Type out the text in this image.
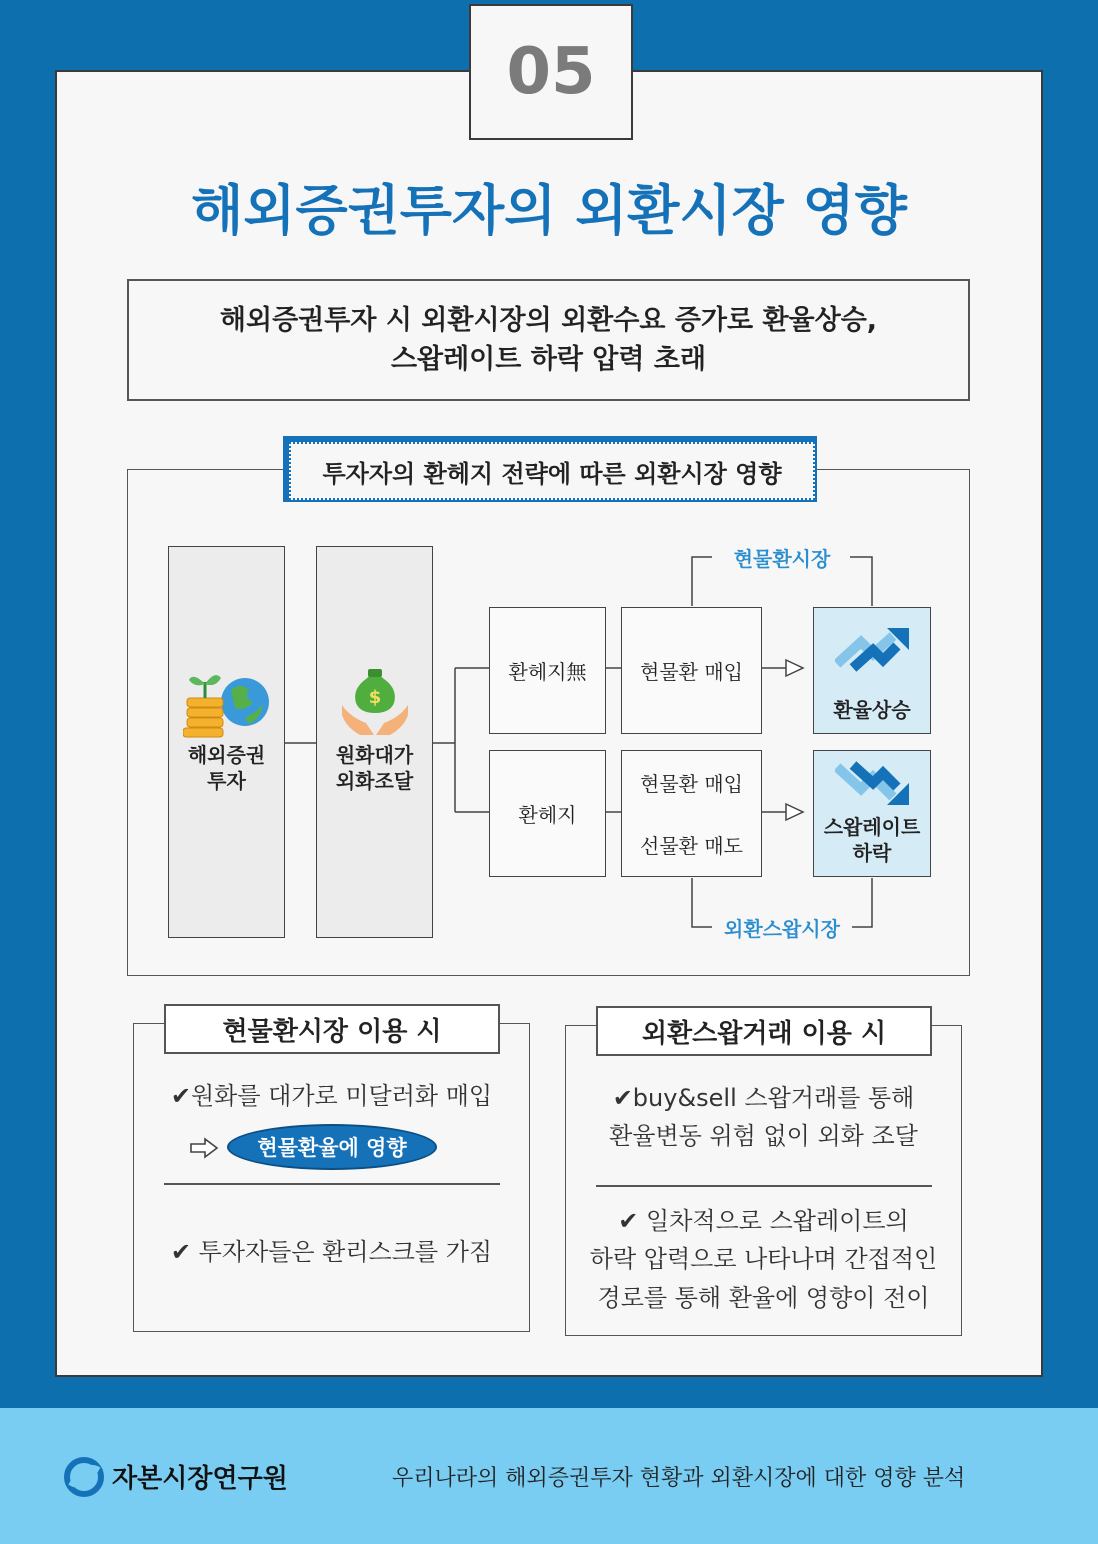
05
해외증권투자의 외환시장 영향
해외증권투자 시 외환시장의 외환수요 증가로 환율상승,
스왑레이트 하락 압력 초래
투자자의 환헤지 전략에 따른 외환시장 영향
해외증권
투자
$
원화대가
외화조달
환헤지無
환헤지
현물환 매입
현물환 매입
선물환 매도
환율상승
스왑레이트
하락
현물환시장
외환스왑시장
현물환시장 이용 시
✔원화를 대가로 미달러화 매입
현물환율에 영향
✔ 투자자들은 환리스크를 가짐
외환스왑거래 이용 시
✔buy&sell 스왑거래를 통해
환율변동 위험 없이 외화 조달
✔ 일차적으로 스왑레이트의
하락 압력으로 나타나며 간접적인
경로를 통해 환율에 영향이 전이
자본시장연구원	우리나라의 해외증권투자 현황과 외환시장에 대한 영향 분석
